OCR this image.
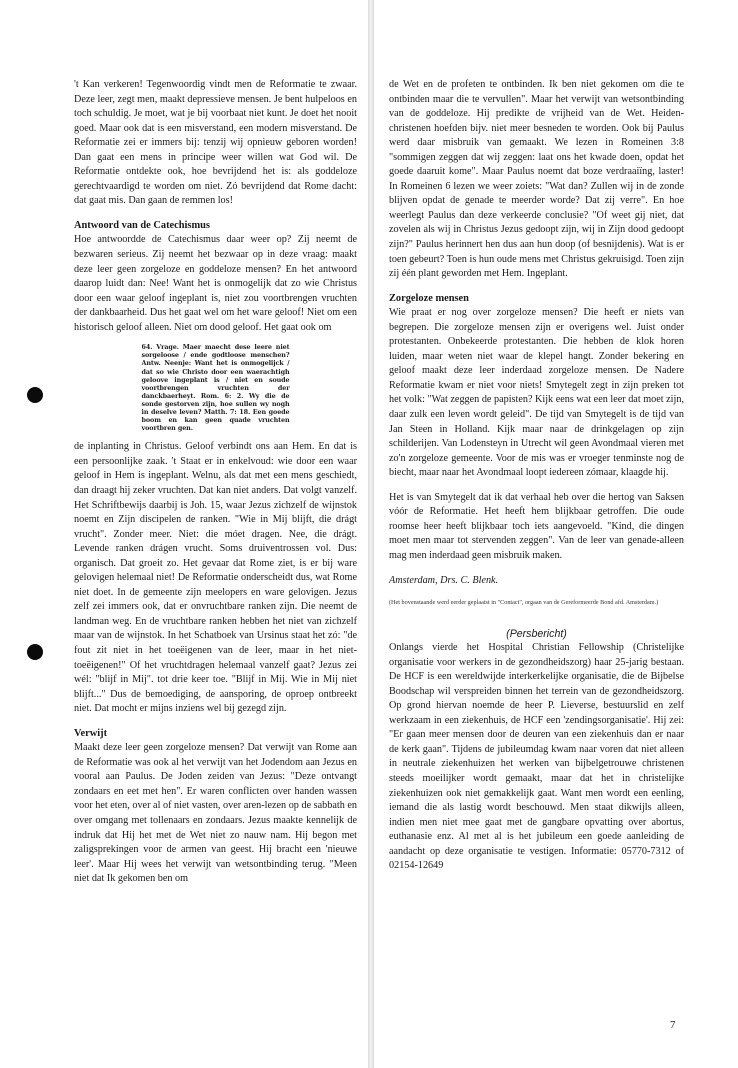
't Kan verkeren! Tegenwoordig vindt men de Reformatie te zwaar. Deze leer, zegt men, maakt depressieve mensen. Je bent hulpeloos en toch schuldig. Je moet, wat je bij voorbaat niet kunt. Je doet het nooit goed. Maar ook dat is een misverstand, een modern misverstand. De Reformatie zei er immers bij: tenzij wij opnieuw geboren worden! Dan gaat een mens in principe weer willen wat God wil. De Reformatie ontdekte ook, hoe bevrijdend het is: als goddeloze gerechtvaardigd te worden om niet. Zó bevrijdend dat Rome dacht: dat gaat mis. Dan gaan de remmen los!

Antwoord van de Catechismus

Hoe antwoordde de Catechismus daar weer op? Zij neemt de bezwaren serieus. Zij neemt het bezwaar op in deze vraag: maakt deze leer geen zorgeloze en goddeloze mensen? En het antwoord daarop luidt dan: Nee! Want het is onmogelijk dat zo wie Christus door een waar geloof ingeplant is, niet zou voortbrengen vruchten der dankbaarheid. Dus het gaat wel om het ware geloof! Niet om een historisch geloof alleen. Niet om dood geloof. Het gaat ook om

64. Vrage. Maer maecht dese leere niet sorgeloose / ende godtloose menschen? Antw. Neenje: Want het is onmogelijck / dat so wie Christo door een waerachtigh geloove ingeplant is / niet en soude voortbrengen vruchten der danckbaerheyt. Rom. 6: 2. Wy die de sonde gestorven zijn, hoe sullen wy nogh in deselve leven? Matth. 7: 18. Een goede boom en kan geen quade vruchten voortbren gen.

de inplanting in Christus. Geloof verbindt ons aan Hem. En dat is een persoonlijke zaak. 't Staat er in enkelvoud: wie door een waar geloof in Hem is ingeplant. Welnu, als dat met een mens geschiedt, dan draagt hij zeker vruchten. Dat kan niet anders. Dat volgt vanzelf. Het Schriftbewijs daarbij is Joh. 15, waar Jezus zichzelf de wijnstok noemt en Zijn discipelen de ranken. "Wie in Mij blijft, die drágt vrucht". Zonder meer. Niet: die móet dragen. Nee, die drágt. Levende ranken drágen vrucht. Soms druiventrossen vol. Dus: organisch. Dat groeit zo. Het gevaar dat Rome ziet, is er bij ware gelovigen helemaal niet! De Reformatie onderscheidt dus, wat Rome niet doet. In de gemeente zijn meelopers en ware gelovigen. Jezus zelf zei immers ook, dat er onvruchtbare ranken zijn. Die neemt de landman weg. En de vruchtbare ranken hebben het niet van zichzelf maar van de wijnstok. In het Schatboek van Ursinus staat het zó: "de fout zit niet in het toeëigenen van de leer, maar in het niet-toeëigenen!" Of het vruchtdragen helemaal vanzelf gaat? Jezus zei wél: "blijf in Mij". tot drie keer toe. "Blijf in Mij. Wie in Mij niet blijft..." Dus de bemoediging, de aansporing, de oproep ontbreekt niet. Dat mocht er mijns inziens wel bij gezegd zijn.

Verwijt

Maakt deze leer geen zorgeloze mensen? Dat verwijt van Rome aan de Reformatie was ook al het verwijt van het Jodendom aan Jezus en vooral aan Paulus. De Joden zeiden van Jezus: "Deze ontvangt zondaars en eet met hen". Er waren conflicten over handen wassen voor het eten, over al of niet vasten, over aren-lezen op de sabbath en over omgang met tollenaars en zondaars. Jezus maakte kennelijk de indruk dat Hij het met de Wet niet zo nauw nam. Hij begon met zaligsprekingen voor de armen van geest. Hij bracht een 'nieuwe leer'. Maar Hij wees het verwijt van wetsontbinding terug. "Meen niet dat Ik gekomen ben om

de Wet en de profeten te ontbinden. Ik ben niet gekomen om die te ontbinden maar die te vervullen". Maar het verwijt van wetsontbinding van de goddeloze. Hij predikte de vrijheid van de Wet. Heiden-christenen hoefden bijv. niet meer besneden te worden. Ook bij Paulus werd daar misbruik van gemaakt. We lezen in Romeinen 3:8 "sommigen zeggen dat wij zeggen: laat ons het kwade doen, opdat het goede daaruit kome". Maar Paulus noemt dat boze verdraaiïng, laster! In Romeinen 6 lezen we weer zoiets: "Wat dan? Zullen wij in de zonde blijven opdat de genade te meerder worde? Dat zij verre". En hoe weerlegt Paulus dan deze verkeerde conclusie? "Of weet gij niet, dat zovelen als wij in Christus Jezus gedoopt zijn, wij in Zijn dood gedoopt zijn?" Paulus herinnert hen dus aan hun doop (of besnijdenis). Wat is er toen gebeurt? Toen is hun oude mens met Christus gekruisigd. Toen zijn zij één plant geworden met Hem. Ingeplant.

Zorgeloze mensen

Wie praat er nog over zorgeloze mensen? Die heeft er niets van begrepen. Die zorgeloze mensen zijn er overigens wel. Juist onder protestanten. Onbekeerde protestanten. Die hebben de klok horen luiden, maar weten niet waar de klepel hangt. Zonder bekering en geloof maakt deze leer inderdaad zorgeloze mensen. De Nadere Reformatie kwam er niet voor niets! Smytegelt zegt in zijn preken tot het volk: "Wat zeggen de papisten? Kijk eens wat een leer dat moet zijn, daar zulk een leven wordt geleid". De tijd van Smytegelt is de tijd van Jan Steen in Holland. Kijk maar naar de drinkgelagen op zijn schilderijen. Van Lodensteyn in Utrecht wil geen Avondmaal vieren met zo'n zorgeloze gemeente. Voor de mis was er vroeger tenminste nog de biecht, maar naar het Avondmaal loopt iedereen zómaar, klaagde hij.

Het is van Smytegelt dat ik dat verhaal heb over die hertog van Saksen vóór de Reformatie. Het heeft hem blijkbaar getroffen. Die oude roomse heer heeft blijkbaar toch iets aangevoeld. "Kind, die dingen moet men maar tot stervenden zeggen". Van de leer van genade-alleen mag men inderdaad geen misbruik maken.

Amsterdam, Drs. C. Blenk.

(Het bovenstaande werd eerder geplaatst in "Contact", orgaan van de Gereformeerde Bond afd. Amsterdam.)

(Persbericht)

Onlangs vierde het Hospital Christian Fellowship (Christelijke organisatie voor werkers in de gezondheidszorg) haar 25-jarig bestaan. De HCF is een wereldwijde interkerkelijke organisatie, die de Bijbelse Boodschap wil verspreiden binnen het terrein van de gezondheidszorg. Op grond hiervan noemde de heer P. Lieverse, bestuurslid en zelf werkzaam in een ziekenhuis, de HCF een 'zendingsorganisatie'. Hij zei: "Er gaan meer mensen door de deuren van een ziekenhuis dan er naar de kerk gaan". Tijdens de jubileumdag kwam naar voren dat niet alleen in neutrale ziekenhuizen het werken van bijbelgetrouwe christenen steeds moeilijker wordt gemaakt, maar dat het in christelijke ziekenhuizen ook niet gemakkelijk gaat. Want men wordt een eenling, iemand die als lastig wordt beschouwd. Men staat dikwijls alleen, indien men niet mee gaat met de gangbare opvatting over abortus, euthanasie enz. Al met al is het jubileum een goede aanleiding de aandacht op deze organisatie te vestigen. Informatie: 05770-7312 of 02154-12649

7
